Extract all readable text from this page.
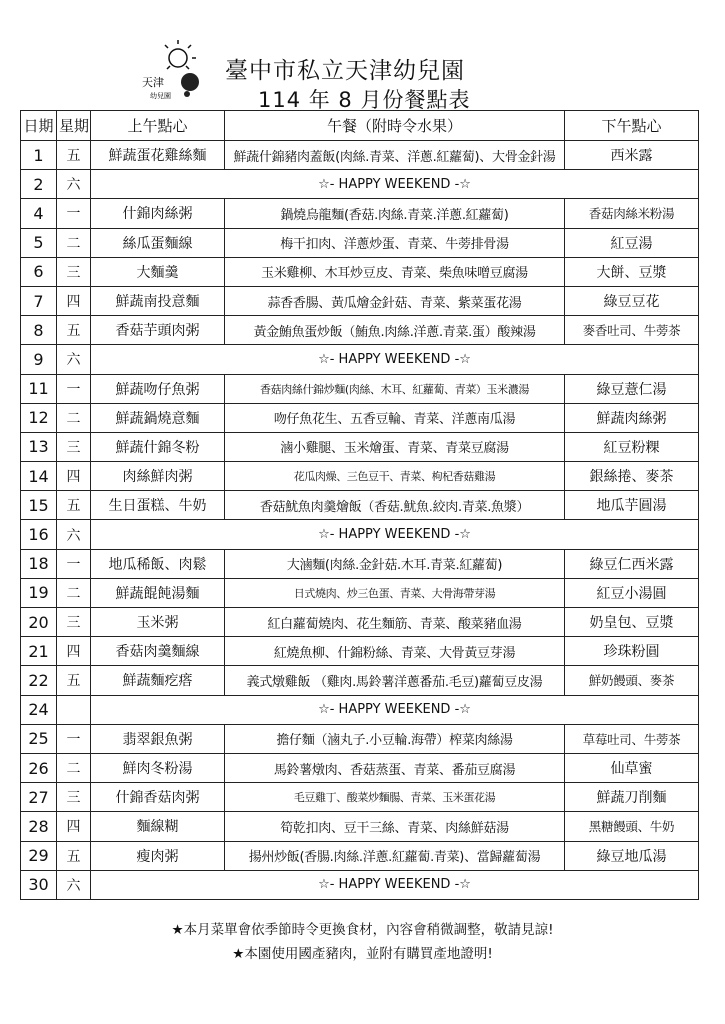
天津
幼兒園
臺中市私立天津幼兒園
114 年 8 月份餐點表
日期	星期	上午點心	午餐（附時令水果）	下午點心
1	五	鮮蔬蛋花雞絲麵	鮮蔬什錦豬肉蓋飯(肉絲.青菜、洋蔥.紅蘿蔔)、大骨金針湯	西米露
2	六	☆- HAPPY WEEKEND -☆		
4	一	什錦肉絲粥	鍋燒烏龍麵(香菇.肉絲.青菜.洋蔥.紅蘿蔔)	香菇肉絲米粉湯
5	二	絲瓜蛋麵線	梅干扣肉、洋蔥炒蛋、青菜、牛蒡排骨湯	紅豆湯
6	三	大麵羹	玉米雞柳、木耳炒豆皮、青菜、柴魚味噌豆腐湯	大餅、豆漿
7	四	鮮蔬南投意麵	蒜香香腸、黃瓜燴金針菇、青菜、紫菜蛋花湯	綠豆豆花
8	五	香菇芋頭肉粥	黃金鮪魚蛋炒飯（鮪魚.肉絲.洋蔥.青菜.蛋）酸辣湯	麥香吐司、牛蒡茶
9	六	☆- HAPPY WEEKEND -☆		
11	一	鮮蔬吻仔魚粥	香菇肉絲什錦炒麵(肉絲、木耳、紅蘿蔔、青菜）玉米濃湯	綠豆薏仁湯
12	二	鮮蔬鍋燒意麵	吻仔魚花生、五香豆輪、青菜、洋蔥南瓜湯	鮮蔬肉絲粥
13	三	鮮蔬什錦冬粉	滷小雞腿、玉米燴蛋、青菜、青菜豆腐湯	紅豆粉粿
14	四	肉絲鮮肉粥	花瓜肉燥、三色豆干、青菜、枸杞香菇雞湯	銀絲捲、麥茶
15	五	生日蛋糕、牛奶	香菇魷魚肉羹燴飯（香菇.魷魚.絞肉.青菜.魚漿）	地瓜芋圓湯
16	六	☆- HAPPY WEEKEND -☆		
18	一	地瓜稀飯、肉鬆	大滷麵(肉絲.金針菇.木耳.青菜.紅蘿蔔)	綠豆仁西米露
19	二	鮮蔬餛飩湯麵	日式燒肉、炒三色蛋、青菜、大骨海帶芽湯	紅豆小湯圓
20	三	玉米粥	紅白蘿蔔燒肉、花生麵筋、青菜、酸菜豬血湯	奶皇包、豆漿
21	四	香菇肉羹麵線	紅燒魚柳、什錦粉絲、青菜、大骨黃豆芽湯	珍珠粉圓
22	五	鮮蔬麵疙瘩	義式燉雞飯 （雞肉.馬鈴薯洋蔥番茄.毛豆)蘿蔔豆皮湯	鮮奶饅頭、麥茶
24		☆- HAPPY WEEKEND -☆		
25	一	翡翠銀魚粥	擔仔麵（滷丸子.小豆輪.海帶）榨菜肉絲湯	草莓吐司、牛蒡茶
26	二	鮮肉冬粉湯	馬鈴薯燉肉、香菇蒸蛋、青菜、番茄豆腐湯	仙草蜜
27	三	什錦香菇肉粥	毛豆雞丁、酸菜炒麵腸、青菜、玉米蛋花湯	鮮蔬刀削麵
28	四	麵線糊	筍乾扣肉、豆干三絲、青菜、肉絲鮮菇湯	黑糖饅頭、牛奶
29	五	瘦肉粥	揚州炒飯(香腸.肉絲.洋蔥.紅蘿蔔.青菜)、當歸蘿蔔湯	綠豆地瓜湯
30	六	☆- HAPPY WEEKEND -☆		
★本月菜單會依季節時令更換食材，內容會稍微調整，敬請見諒!
★本園使用國產豬肉，並附有購買產地證明!
